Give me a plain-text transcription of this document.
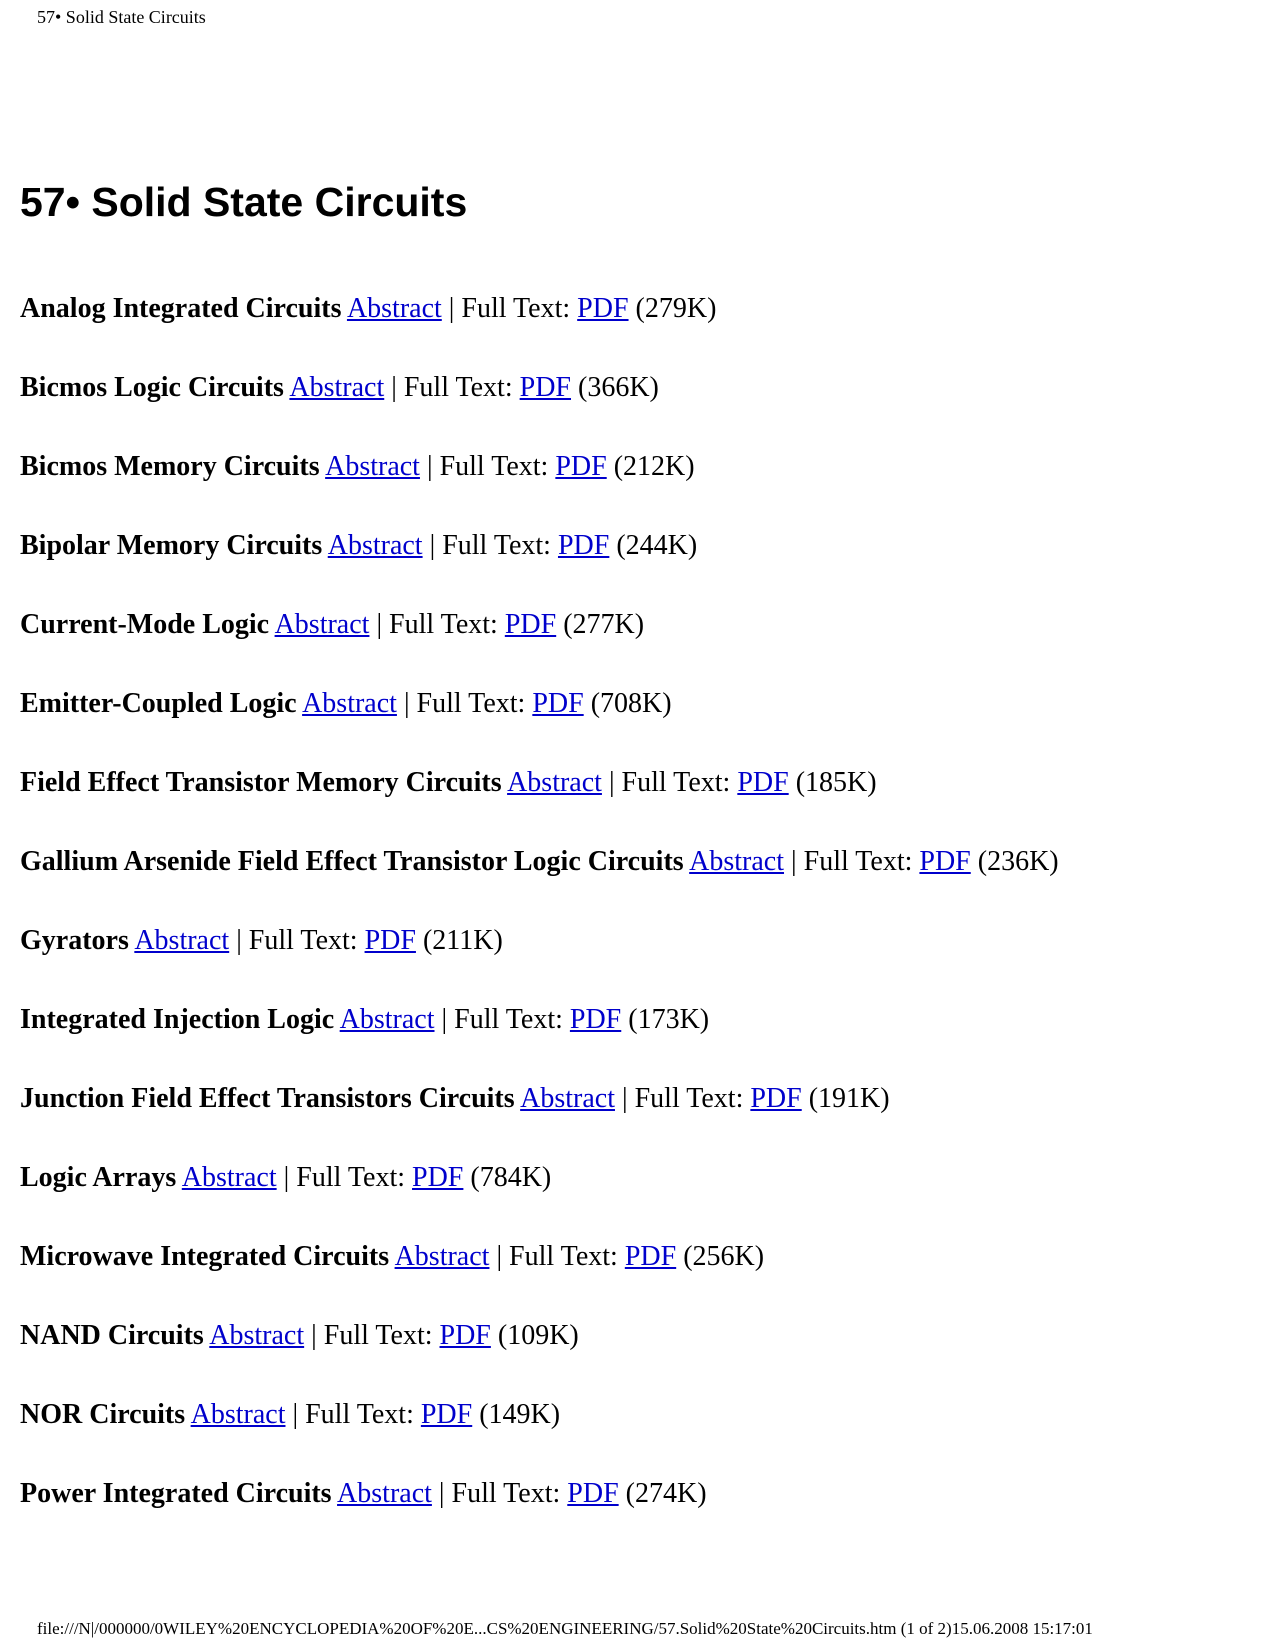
57• Solid State Circuits
57• Solid State Circuits
Analog Integrated Circuits Abstract | Full Text: PDF (279K)
Bicmos Logic Circuits Abstract | Full Text: PDF (366K)
Bicmos Memory Circuits Abstract | Full Text: PDF (212K)
Bipolar Memory Circuits Abstract | Full Text: PDF (244K)
Current-Mode Logic Abstract | Full Text: PDF (277K)
Emitter-Coupled Logic Abstract | Full Text: PDF (708K)
Field Effect Transistor Memory Circuits Abstract | Full Text: PDF (185K)
Gallium Arsenide Field Effect Transistor Logic Circuits Abstract | Full Text: PDF (236K)
Gyrators Abstract | Full Text: PDF (211K)
Integrated Injection Logic Abstract | Full Text: PDF (173K)
Junction Field Effect Transistors Circuits Abstract | Full Text: PDF (191K)
Logic Arrays Abstract | Full Text: PDF (784K)
Microwave Integrated Circuits Abstract | Full Text: PDF (256K)
NAND Circuits Abstract | Full Text: PDF (109K)
NOR Circuits Abstract | Full Text: PDF (149K)
Power Integrated Circuits Abstract | Full Text: PDF (274K)
file:///N|/000000/0WILEY%20ENCYCLOPEDIA%20OF%20E...CS%20ENGINEERING/57.Solid%20State%20Circuits.htm (1 of 2)15.06.2008 15:17:01
